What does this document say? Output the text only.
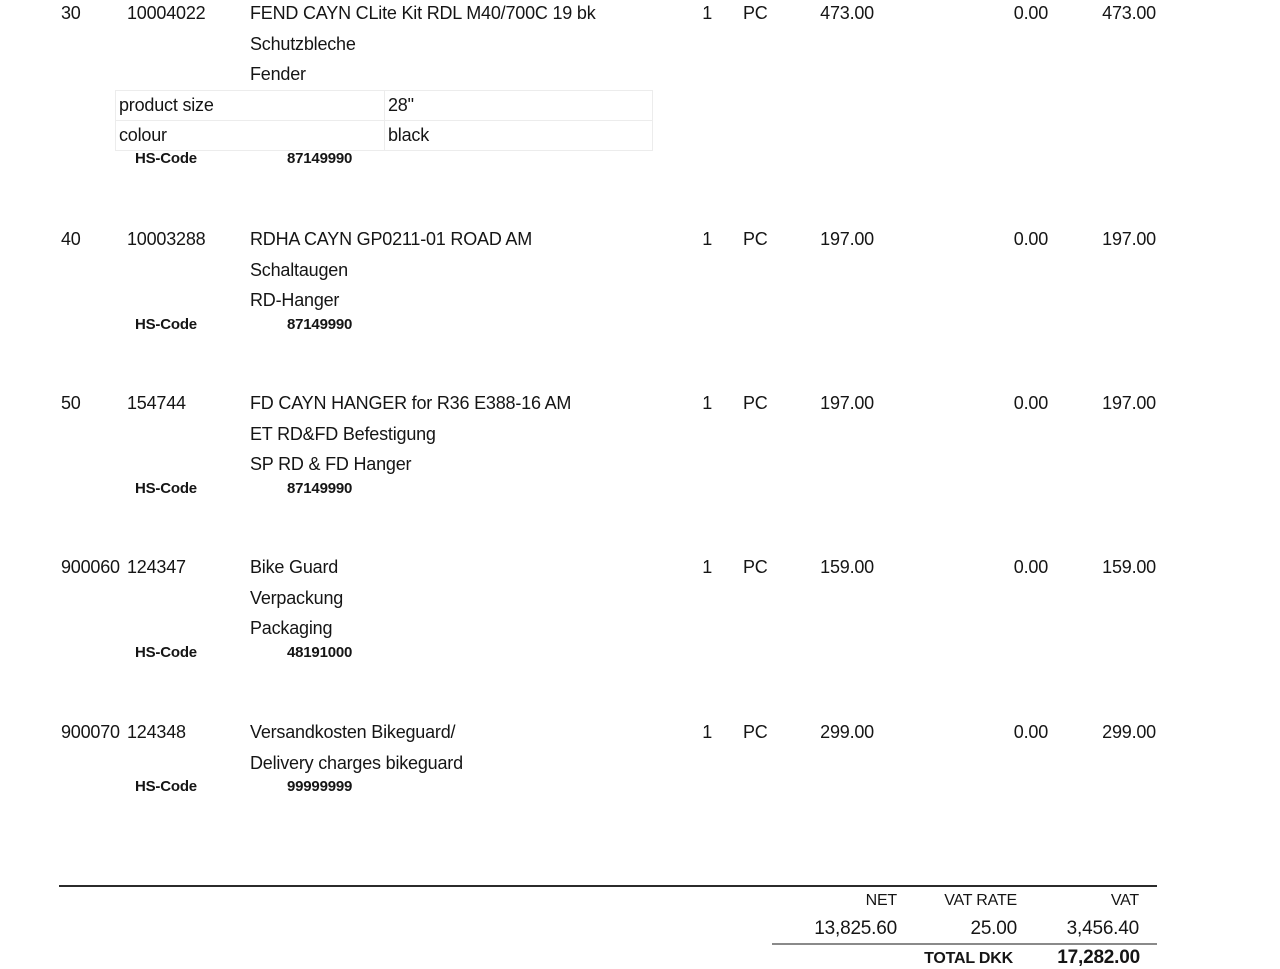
30	10004022 FEND CAYN CLite Kit RDL M40/700C 19 bk
Schutzbleche
Fender
1 PC	473.00	0.00	473.00
product size	28"
colour	black
HS-Code	87149990
40	10003288 RDHA CAYN GP0211-01 ROAD AM
Schaltaugen
RD-Hanger
1 PC	197.00	0.00	197.00
HS-Code	87149990
50	154744	FD CAYN HANGER for R36 E388-16 AM
ET RD&FD Befestigung
SP RD & FD Hanger
1 PC	197.00	0.00	197.00
HS-Code	87149990
900060 124347	Bike Guard
Verpackung
Packaging
1 PC	159.00	0.00	159.00
HS-Code	48191000
900070 124348	Versandkosten Bikeguard/
Delivery charges bikeguard
1 PC	299.00	0.00	299.00
HS-Code	99999999
NET	VAT RATE	VAT
13,825.60	25.00	3,456.40
TOTAL DKK 17,282.00
